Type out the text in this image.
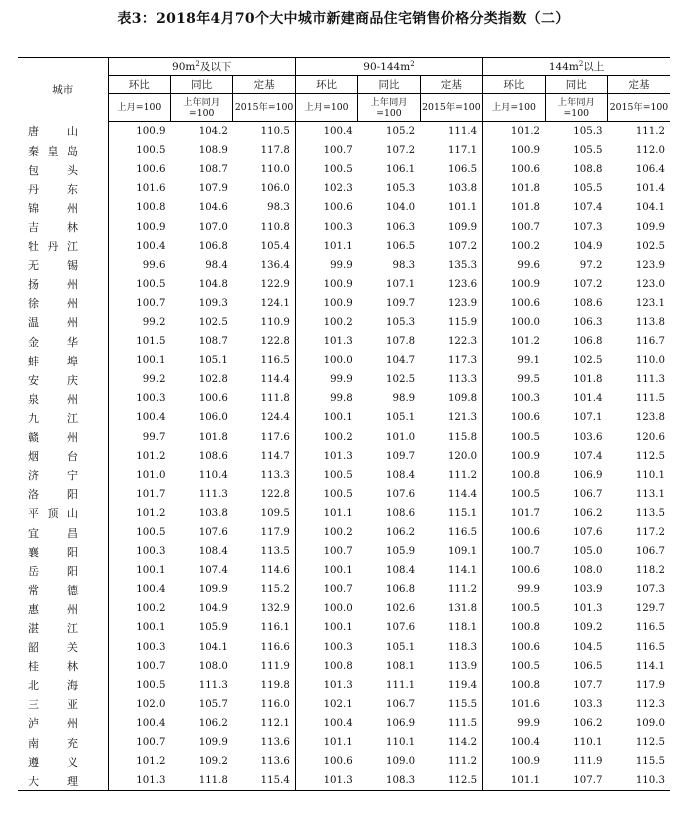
表3：2018年4月70个大中城市新建商品住宅销售价格分类指数（二）
城市	$90m^2$及以下			$90-144m^2$			$144m^2$以上		
	环比	同比	定基	环比	同比	定基	环比	同比	定基
	上月=100	上年同月=100	2015年=100	上月=100	上年同月=100	2015年=100	上月=100	上年同月=100	2015年=100
唐山	100.9	104.2	110.5	100.4	105.2	111.4	101.2	105.3	111.2
秦皇岛	100.5	108.9	117.8	100.7	107.2	117.1	100.9	105.5	112.0
包头	100.6	108.7	110.0	100.5	106.1	106.5	100.6	108.8	106.4
丹东	101.6	107.9	106.0	102.3	105.3	103.8	101.8	105.5	101.4
锦州	100.8	104.6	98.3	100.6	104.0	101.1	101.8	107.4	104.1
吉林	100.9	107.0	110.8	100.3	106.3	109.9	100.7	107.3	109.9
牡丹江	100.4	106.8	105.4	101.1	106.5	107.2	100.2	104.9	102.5
无锡	99.6	98.4	136.4	99.9	98.3	135.3	99.6	97.2	123.9
扬州	100.5	104.8	122.9	100.9	107.1	123.6	100.9	107.2	123.0
徐州	100.7	109.3	124.1	100.9	109.7	123.9	100.6	108.6	123.1
温州	99.2	102.5	110.9	100.2	105.3	115.9	100.0	106.3	113.8
金华	101.5	108.7	122.8	101.3	107.8	122.3	101.2	106.8	116.7
蚌埠	100.1	105.1	116.5	100.0	104.7	117.3	99.1	102.5	110.0
安庆	99.2	102.8	114.4	99.9	102.5	113.3	99.5	101.8	111.3
泉州	100.3	100.6	111.8	99.8	98.9	109.8	100.3	101.4	111.5
九江	100.4	106.0	124.4	100.1	105.1	121.3	100.6	107.1	123.8
赣州	99.7	101.8	117.6	100.2	101.0	115.8	100.5	103.6	120.6
烟台	101.2	108.6	114.7	101.3	109.7	120.0	100.9	107.4	112.5
济宁	101.0	110.4	113.3	100.5	108.4	111.2	100.8	106.9	110.1
洛阳	101.7	111.3	122.8	100.5	107.6	114.4	100.5	106.7	113.1
平顶山	101.2	103.8	109.5	101.1	108.6	115.1	101.7	106.2	113.5
宜昌	100.5	107.6	117.9	100.2	106.2	116.5	100.6	107.6	117.2
襄阳	100.3	108.4	113.5	100.7	105.9	109.1	100.7	105.0	106.7
岳阳	100.1	107.4	114.6	100.1	108.4	114.1	100.6	108.0	118.2
常德	100.4	109.9	115.2	100.7	106.8	111.2	99.9	103.9	107.3
惠州	100.2	104.9	132.9	100.0	102.6	131.8	100.5	101.3	129.7
湛江	100.1	105.9	116.1	100.1	107.6	118.1	100.8	109.2	116.5
韶关	100.3	104.1	116.6	100.3	105.1	118.3	100.6	104.5	116.5
桂林	100.7	108.0	111.9	100.8	108.1	113.9	100.5	106.5	114.1
北海	100.5	111.3	119.8	101.3	111.1	119.4	100.8	107.7	117.9
三亚	102.0	105.7	116.0	102.1	106.7	115.5	101.6	103.3	112.3
泸州	100.4	106.2	112.1	100.4	106.9	111.5	99.9	106.2	109.0
南充	100.7	109.9	113.6	101.1	110.1	114.2	100.4	110.1	112.5
遵义	101.2	109.2	113.6	100.6	109.0	111.2	100.9	111.9	115.5
大理	101.3	111.8	115.4	101.3	108.3	112.5	101.1	107.7	110.3
